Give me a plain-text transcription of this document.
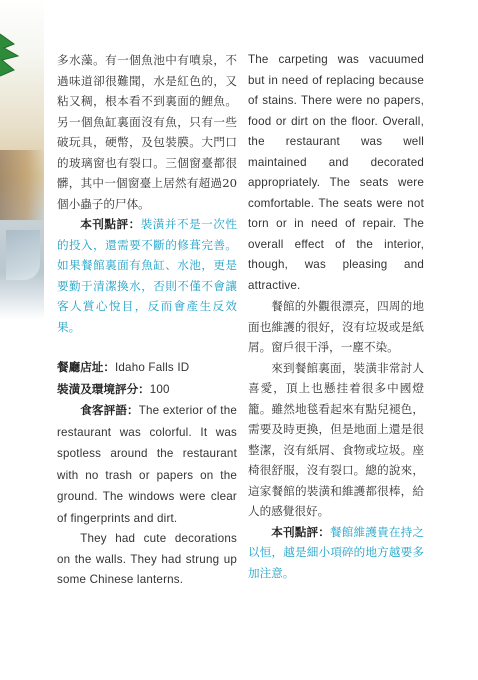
多水藻。有一個魚池中有噴泉，不過味道卻很難聞，水是紅色的，又粘又稠，根本看不到裏面的鯉魚。另一個魚缸裏面沒有魚，只有一些破玩具，硬幣，及包裝膜。大門口的玻璃窗也有裂口。三個窗臺都很髒，其中一個窗臺上居然有超過20個小蟲子的尸体。

本刊點評：裝潢并不是一次性的投入，還需要不斷的修葺完善。如果餐館裏面有魚缸、水池，更是要勤于清潔換水，否則不僅不會讓客人賞心悅目，反而會產生反效果。

餐廳店址：Idaho Falls ID

裝潢及環境評分：100

食客評語：The exterior of the restaurant was colorful. It was spotless around the restaurant with no trash or papers on the ground. The windows were clear of fingerprints and dirt.

They had cute decorations on the walls. They had strung up some Chinese lanterns.

The carpeting was vacuumed but in need of replacing because of stains. There were no papers, food or dirt on the floor. Overall, the restaurant was well maintained and decorated appropriately. The seats were comfortable. The seats were not torn or in need of repair. The overall effect of the interior, though, was pleasing and attractive.

餐館的外觀很漂亮，四周的地面也維護的很好，沒有垃圾或是紙屑。窗戶很干淨，一塵不染。

來到餐館裏面，裝潢非常討人喜愛，頂上也懸挂着很多中國燈籠。雖然地毯看起來有點兒褪色，需要及時更換，但是地面上還是很整潔，沒有紙屑、食物或垃圾。座椅很舒服，沒有裂口。總的說來，這家餐館的裝潢和維護都很棒，給人的感覺很好。

本刊點評：餐館維護貴在持之以恒，越是細小項碎的地方越要多加注意。
